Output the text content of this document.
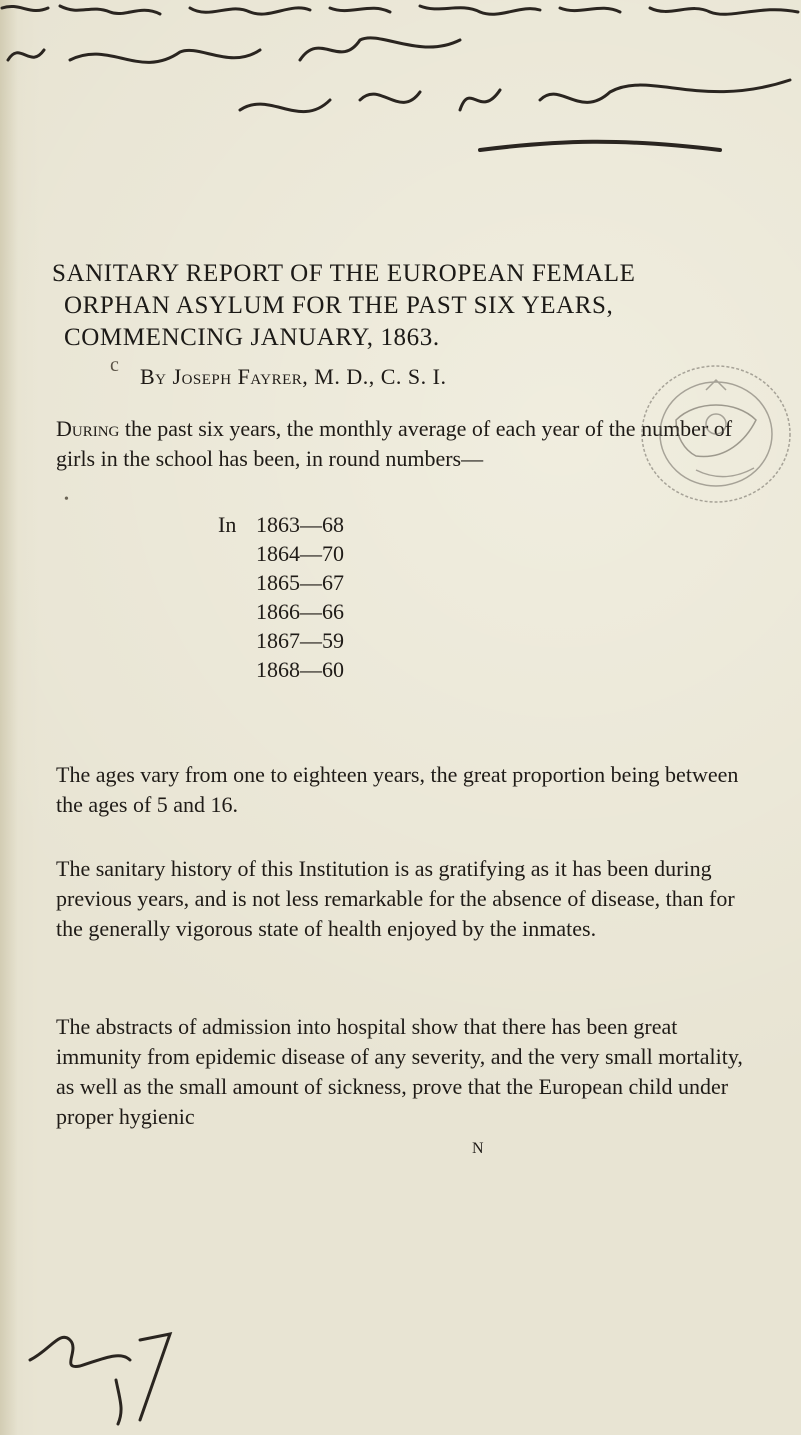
SANITARY REPORT OF THE EUROPEAN FEMALE
ORPHAN ASYLUM FOR THE PAST SIX YEARS,
COMMENCING JANUARY, 1863.
c By Joseph Fayrer, M. D., C. S. I.
During the past six years, the monthly average of each year of the number of girls in the school has been, in round numbers—
•
In 1863—68
1864—70
1865—67
1866—66
1867—59
1868—60
The ages vary from one to eighteen years, the great proportion being between the ages of 5 and 16.
The sanitary history of this Institution is as gratifying as it has been during previous years, and is not less remarkable for the absence of disease, than for the generally vigorous state of health enjoyed by the inmates.
The abstracts of admission into hospital show that there has been great immunity from epidemic disease of any severity, and the very small mortality, as well as the small amount of sickness, prove that the European child under proper hygienic
N
